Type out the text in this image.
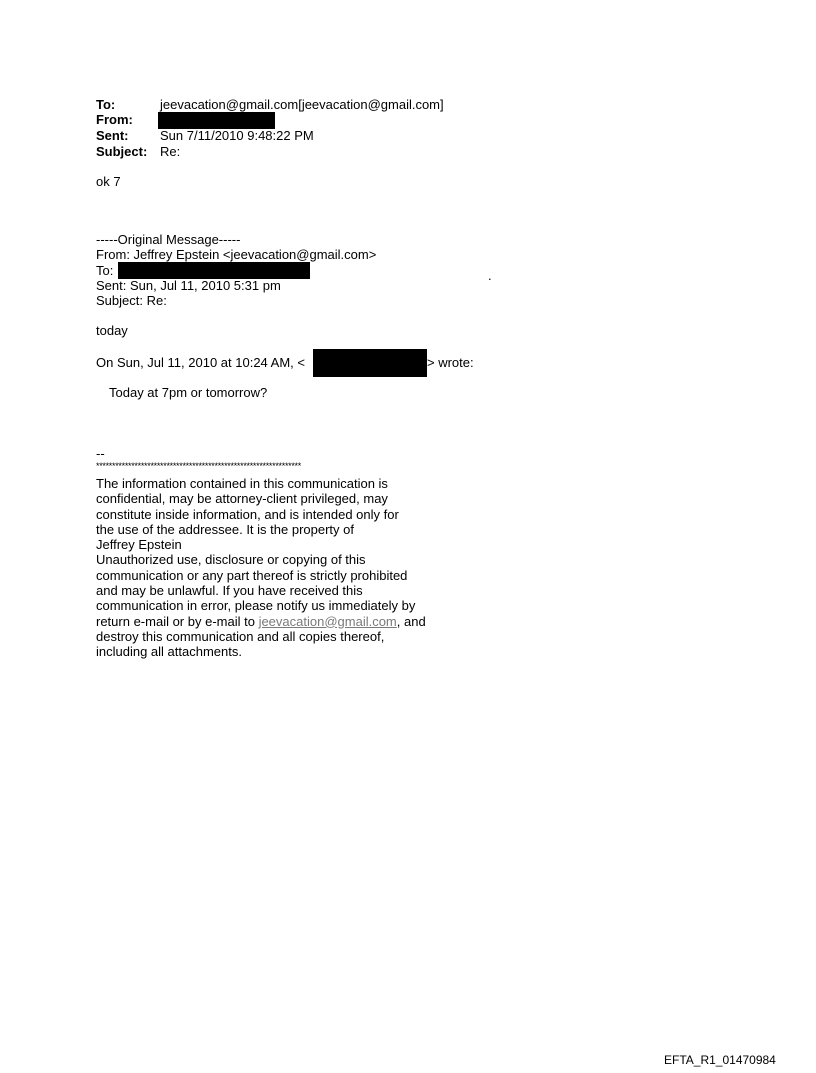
To:	jeevacation@gmail.com[jeevacation@gmail.com]
From:
Sent: Sun 7/11/2010 9:48:22 PM
Subject: Re:
ok 7
-----Original Message-----
From: Jeffrey Epstein <jeevacation@gmail.com>
To:
Sent: Sun, Jul 11, 2010 5:31 pm
Subject: Re:
.
today
On Sun, Jul 11, 2010 at 10:24 AM, <	> wrote:
Today at 7pm or tomorrow?
--
****************************************************************
The information contained in this communication is
confidential, may be attorney-client privileged, may
constitute inside information, and is intended only for
the use of the addressee. It is the property of
Jeffrey Epstein
Unauthorized use, disclosure or copying of this
communication or any part thereof is strictly prohibited
and may be unlawful. If you have received this
communication in error, please notify us immediately by
return e-mail or by e-mail to jeevacation@gmail.com, and
destroy this communication and all copies thereof,
including all attachments.
EFTA_R1_01470984
